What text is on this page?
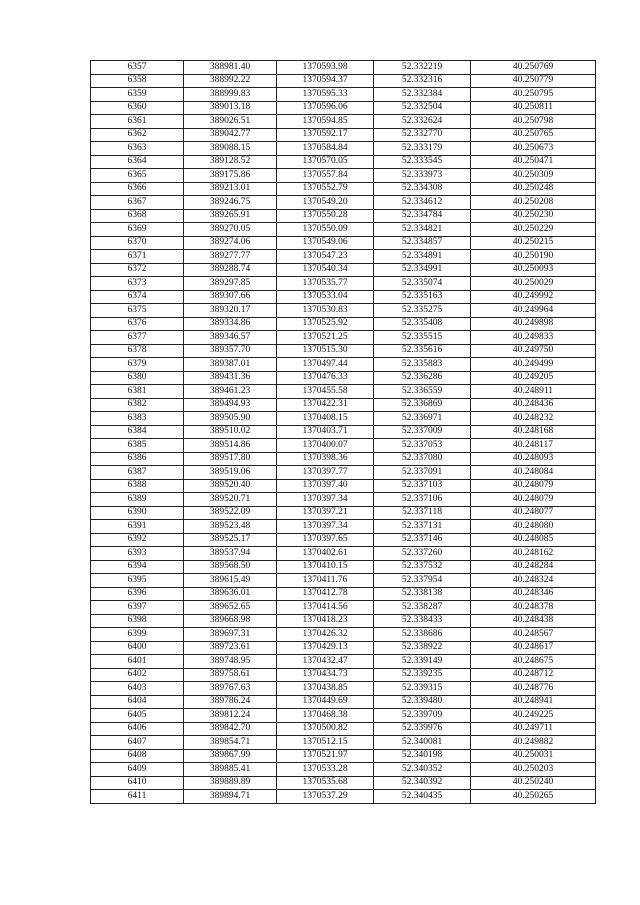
6357	388981.40	1370593.98	52.332219	40.250769
6358	388992.22	1370594.37	52.332316	40.250779
6359	388999.83	1370595.33	52.332384	40.250795
6360	389013.18	1370596.06	52.332504	40.250811
6361	389026.51	1370594.85	52.332624	40.250798
6362	389042.77	1370592.17	52.332770	40.250765
6363	389088.15	1370584.84	52.333179	40.250673
6364	389128.52	1370570.05	52.333545	40.250471
6365	389175.86	1370557.84	52.333973	40.250309
6366	389213.01	1370552.79	52.334308	40.250248
6367	389246.75	1370549.20	52.334612	40.250208
6368	389265.91	1370550.28	52.334784	40.250230
6369	389270.05	1370550.09	52.334821	40.250229
6370	389274.06	1370549.06	52.334857	40.250215
6371	389277.77	1370547.23	52.334891	40.250190
6372	389288.74	1370540.34	52.334991	40.250093
6373	389297.85	1370535.77	52.335074	40.250029
6374	389307.66	1370533.04	52.335163	40.249992
6375	389320.17	1370530.83	52.335275	40.249964
6376	389334.86	1370525.92	52.335408	40.249898
6377	389346.57	1370521.25	52.335515	40.249833
6378	389357.70	1370515.30	52.335616	40.249750
6379	389387.01	1370497.44	52.335883	40.249499
6380	389431.36	1370476.33	52.336286	40.249205
6381	389461.23	1370455.58	52.336559	40.248911
6382	389494.93	1370422.31	52.336869	40.248436
6383	389505.90	1370408.15	52.336971	40.248232
6384	389510.02	1370403.71	52.337009	40.248168
6385	389514.86	1370400.07	52.337053	40.248117
6386	389517.80	1370398.36	52.337080	40.248093
6387	389519.06	1370397.77	52.337091	40.248084
6388	389520.40	1370397.40	52.337103	40.248079
6389	389520.71	1370397.34	52.337106	40.248079
6390	389522.09	1370397.21	52.337118	40.248077
6391	389523.48	1370397.34	52.337131	40.248080
6392	389525.17	1370397.65	52.337146	40.248085
6393	389537.94	1370402.61	52.337260	40.248162
6394	389568.50	1370410.15	52.337532	40.248284
6395	389615.49	1370411.76	52.337954	40.248324
6396	389636.01	1370412.78	52.338138	40.248346
6397	389652.65	1370414.56	52.338287	40.248378
6398	389668.98	1370418.23	52.338433	40.248438
6399	389697.31	1370426.32	52.338686	40.248567
6400	389723.61	1370429.13	52.338922	40.248617
6401	389748.95	1370432.47	52.339149	40.248675
6402	389758.61	1370434.73	52.339235	40.248712
6403	389767.63	1370438.85	52.339315	40.248776
6404	389786.24	1370449.69	52.339480	40.248941
6405	389812.24	1370468.38	52.339709	40.249225
6406	389842.70	1370500.82	52.339976	40.249711
6407	389854.71	1370512.15	52.340081	40.249882
6408	389867.99	1370521.97	52.340198	40.250031
6409	389885.41	1370533.28	52.340352	40.250203
6410	389889.89	1370535.68	52.340392	40.250240
6411	389894.71	1370537.29	52.340435	40.250265
